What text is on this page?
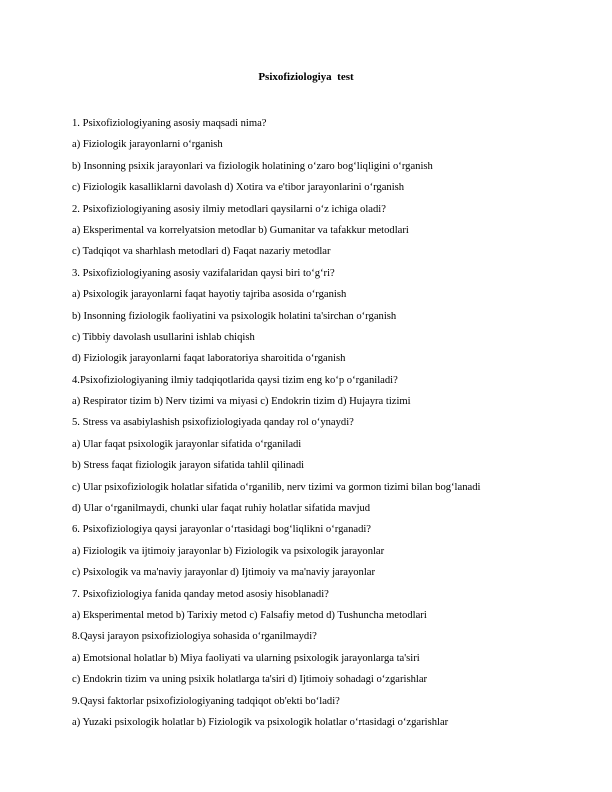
Psixofiziologiya  test
1. Psixofiziologiyaning asosiy maqsadi nima?
a) Fiziologik jarayonlarni o‘rganish
b) Insonning psixik jarayonlari va fiziologik holatining o‘zaro bog‘liqligini o‘rganish
c) Fiziologik kasalliklarni davolash d) Xotira va e'tibor jarayonlarini o‘rganish
2. Psixofiziologiyaning asosiy ilmiy metodlari qaysilarni o‘z ichiga oladi?
a) Eksperimental va korrelyatsion metodlar b) Gumanitar va tafakkur metodlari
c) Tadqiqot va sharhlash metodlari d) Faqat nazariy metodlar
3. Psixofiziologiyaning asosiy vazifalaridan qaysi biri to‘g‘ri?
a) Psixologik jarayonlarni faqat hayotiy tajriba asosida o‘rganish
b) Insonning fiziologik faoliyatini va psixologik holatini ta'sirchan o‘rganish
c) Tibbiy davolash usullarini ishlab chiqish
d) Fiziologik jarayonlarni faqat laboratoriya sharoitida o‘rganish
4.Psixofiziologiyaning ilmiy tadqiqotlarida qaysi tizim eng ko‘p o‘rganiladi?
a) Respirator tizim b) Nerv tizimi va miyasi c) Endokrin tizim d) Hujayra tizimi
5. Stress va asabiylashish psixofiziologiyada qanday rol o‘ynaydi?
a) Ular faqat psixologik jarayonlar sifatida o‘rganiladi
b) Stress faqat fiziologik jarayon sifatida tahlil qilinadi
c) Ular psixofiziologik holatlar sifatida o‘rganilib, nerv tizimi va gormon tizimi bilan bog‘lanadi
d) Ular o‘rganilmaydi, chunki ular faqat ruhiy holatlar sifatida mavjud
6. Psixofiziologiya qaysi jarayonlar o‘rtasidagi bog‘liqlikni o‘rganadi?
a) Fiziologik va ijtimoiy jarayonlar b) Fiziologik va psixologik jarayonlar
c) Psixologik va ma'naviy jarayonlar d) Ijtimoiy va ma'naviy jarayonlar
7. Psixofiziologiya fanida qanday metod asosiy hisoblanadi?
a) Eksperimental metod b) Tarixiy metod c) Falsafiy metod d) Tushuncha metodlari
8.Qaysi jarayon psixofiziologiya sohasida o‘rganilmaydi?
a) Emotsional holatlar b) Miya faoliyati va ularning psixologik jarayonlarga ta'siri
c) Endokrin tizim va uning psixik holatlarga ta'siri d) Ijtimoiy sohadagi o‘zgarishlar
9.Qaysi faktorlar psixofiziologiyaning tadqiqot ob'ekti bo‘ladi?
a) Yuzaki psixologik holatlar b) Fiziologik va psixologik holatlar o‘rtasidagi o‘zgarishlar
